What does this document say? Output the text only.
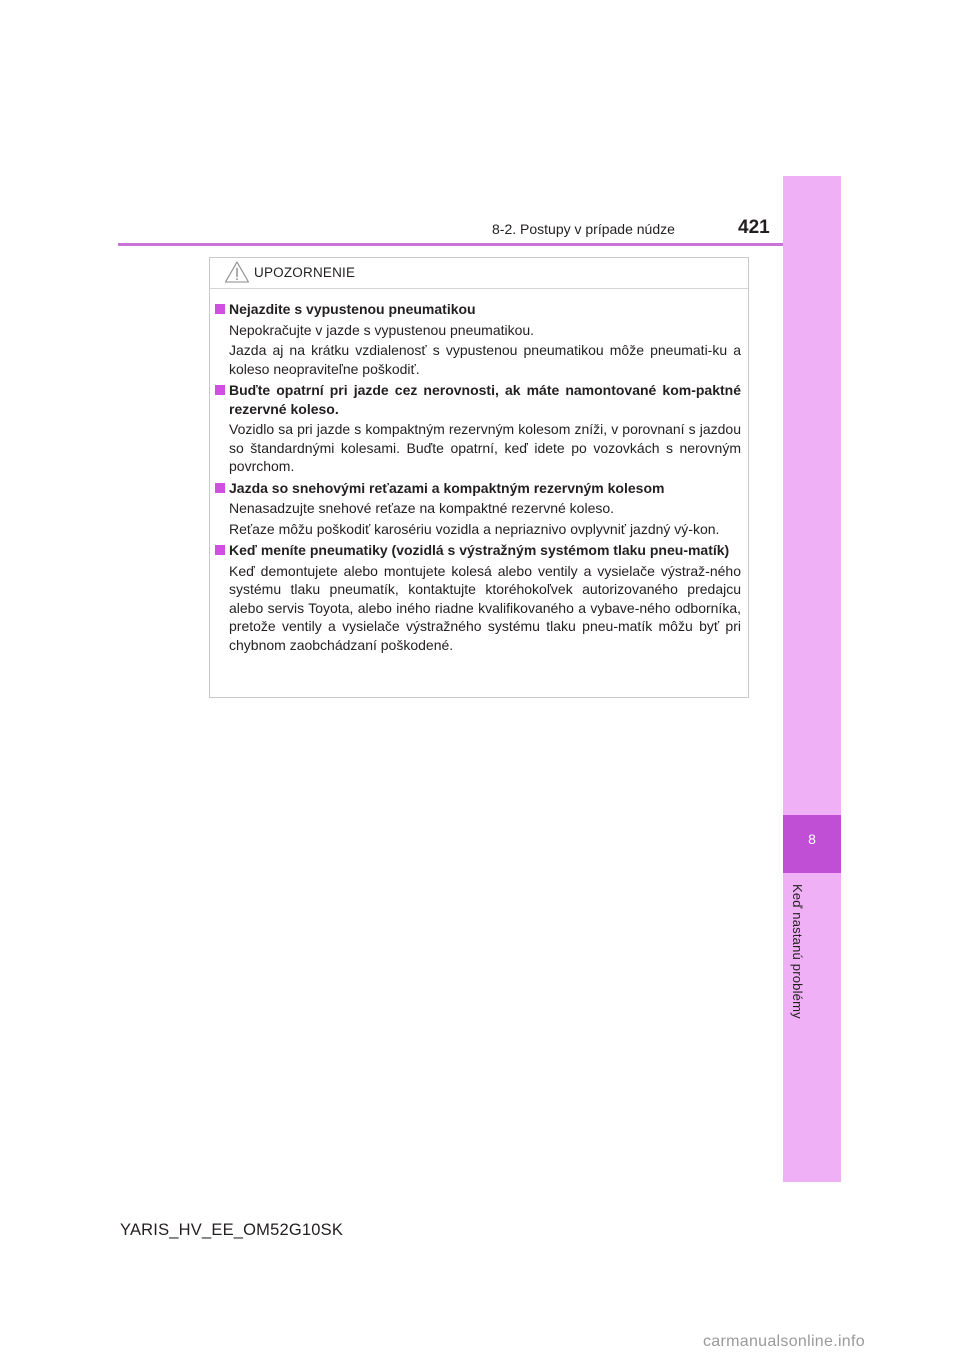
8-2. Postupy v prípade núdze	421
8
Keď nastanú problémy
UPOZORNENIE
Nejazdite s vypustenou pneumatikou
Nepokračujte v jazde s vypustenou pneumatikou.
Jazda aj na krátku vzdialenosť s vypustenou pneumatikou môže pneumati-ku a koleso neopraviteľne poškodiť.
Buďte opatrní pri jazde cez nerovnosti, ak máte namontované kom-paktné rezervné koleso.
Vozidlo sa pri jazde s kompaktným rezervným kolesom zníži, v porovnaní s jazdou so štandardnými kolesami. Buďte opatrní, keď idete po vozovkách s nerovným povrchom.
Jazda so snehovými reťazami a kompaktným rezervným kolesom
Nenasadzujte snehové reťaze na kompaktné rezervné koleso.
Reťaze môžu poškodiť karosériu vozidla a nepriaznivo ovplyvniť jazdný vý-kon.
Keď meníte pneumatiky (vozidlá s výstražným systémom tlaku pneu-matík)
Keď demontujete alebo montujete kolesá alebo ventily a vysielače výstraž-ného systému tlaku pneumatík, kontaktujte ktoréhokoľvek autorizovaného predajcu alebo servis Toyota, alebo iného riadne kvalifikovaného a vybave-ného odborníka, pretože ventily a vysielače výstražného systému tlaku pneu-matík môžu byť pri chybnom zaobchádzaní poškodené.
YARIS_HV_EE_OM52G10SK
carmanualsonline.info
